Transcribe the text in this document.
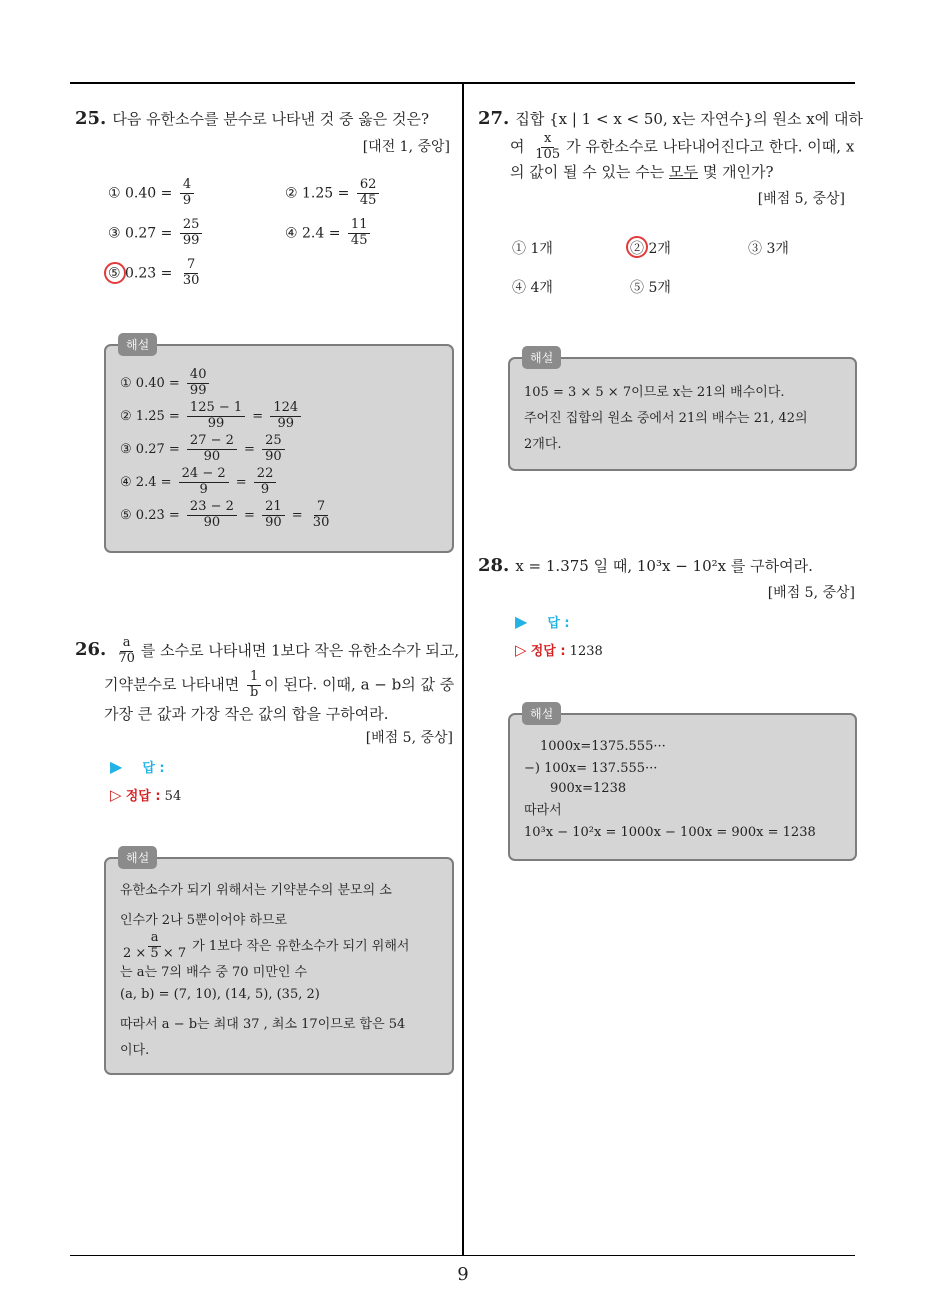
25. 다음 유한소수를 분수로 나타낸 것 중 옳은 것은?
[대전 1, 중앙]
① 0.4̇0̇ = $\frac{4}{9}$	② 1.2̇5̇ = $\frac{62}{45}$
③ 0.27̇ = $\frac{25}{99}$	④ 2.4̇ = $\frac{11}{45}$
⑤ 0.23̇ = $\frac{7}{30}$
① 0.4̇0̇ = $\frac{40}{99}$
② 1.2̇5̇ = $\frac{125 - 1}{99} = \frac{124}{99}$
③ 0.27̇ = $\frac{27 - 2}{90} = \frac{25}{90}$
④ 2.4̇ = $\frac{24 - 2}{9} = \frac{22}{9}$
⑤ 0.23̇ = $\frac{23 - 2}{90} = \frac{21}{90} = \frac{7}{30}$
해설
26. $\frac{a}{70}$ 를 소수로 나타내면 1보다 작은 유한소수가 되고,
기약분수로 나타내면 $\frac{1}{b}$ 이 된다. 이때, a − b의 값 중
가장 큰 값과 가장 작은 값의 합을 구하여라.
[배점 5, 중상]
▶ 답 :
▷ 정답 : 54
유한소수가 되기 위해서는 기약분수의 분모의 소
인수가 2나 5뿐이어야 하므로
$\frac{a}{2 \times 5 \times 7}$ 가 1보다 작은 유한소수가 되기 위해서
는 a는 7의 배수 중 70 미만인 수
(a, b) = (7, 10), (14, 5), (35, 2)
따라서 a − b는 최대 37 , 최소 17이므로 합은 54
이다.
해설
27. 집합 {x | 1 < x < 50, x는 자연수}의 원소 x에 대하
여 $\frac{x}{105}$ 가 유한소수로 나타내어진다고 한다. 이때, x
의 값이 될 수 있는 수는 모두 몇 개인가?
[배점 5, 중상]
① 1개	② 2개	③ 3개
④ 4개	⑤ 5개
105 = 3 × 5 × 7이므로 x는 21의 배수이다.
주어진 집합의 원소 중에서 21의 배수는 21, 42의
2개다.
해설
28. x = 1.375̇ 일 때, 10³x − 10²x 를 구하여라.
[배점 5, 중상]
▶ 답 :
▷ 정답 : 1238
1000x=1375.555···
−) 100x= 137.555···
900x=1238
따라서
10³x − 10²x = 1000x − 100x = 900x = 1238
해설
9
